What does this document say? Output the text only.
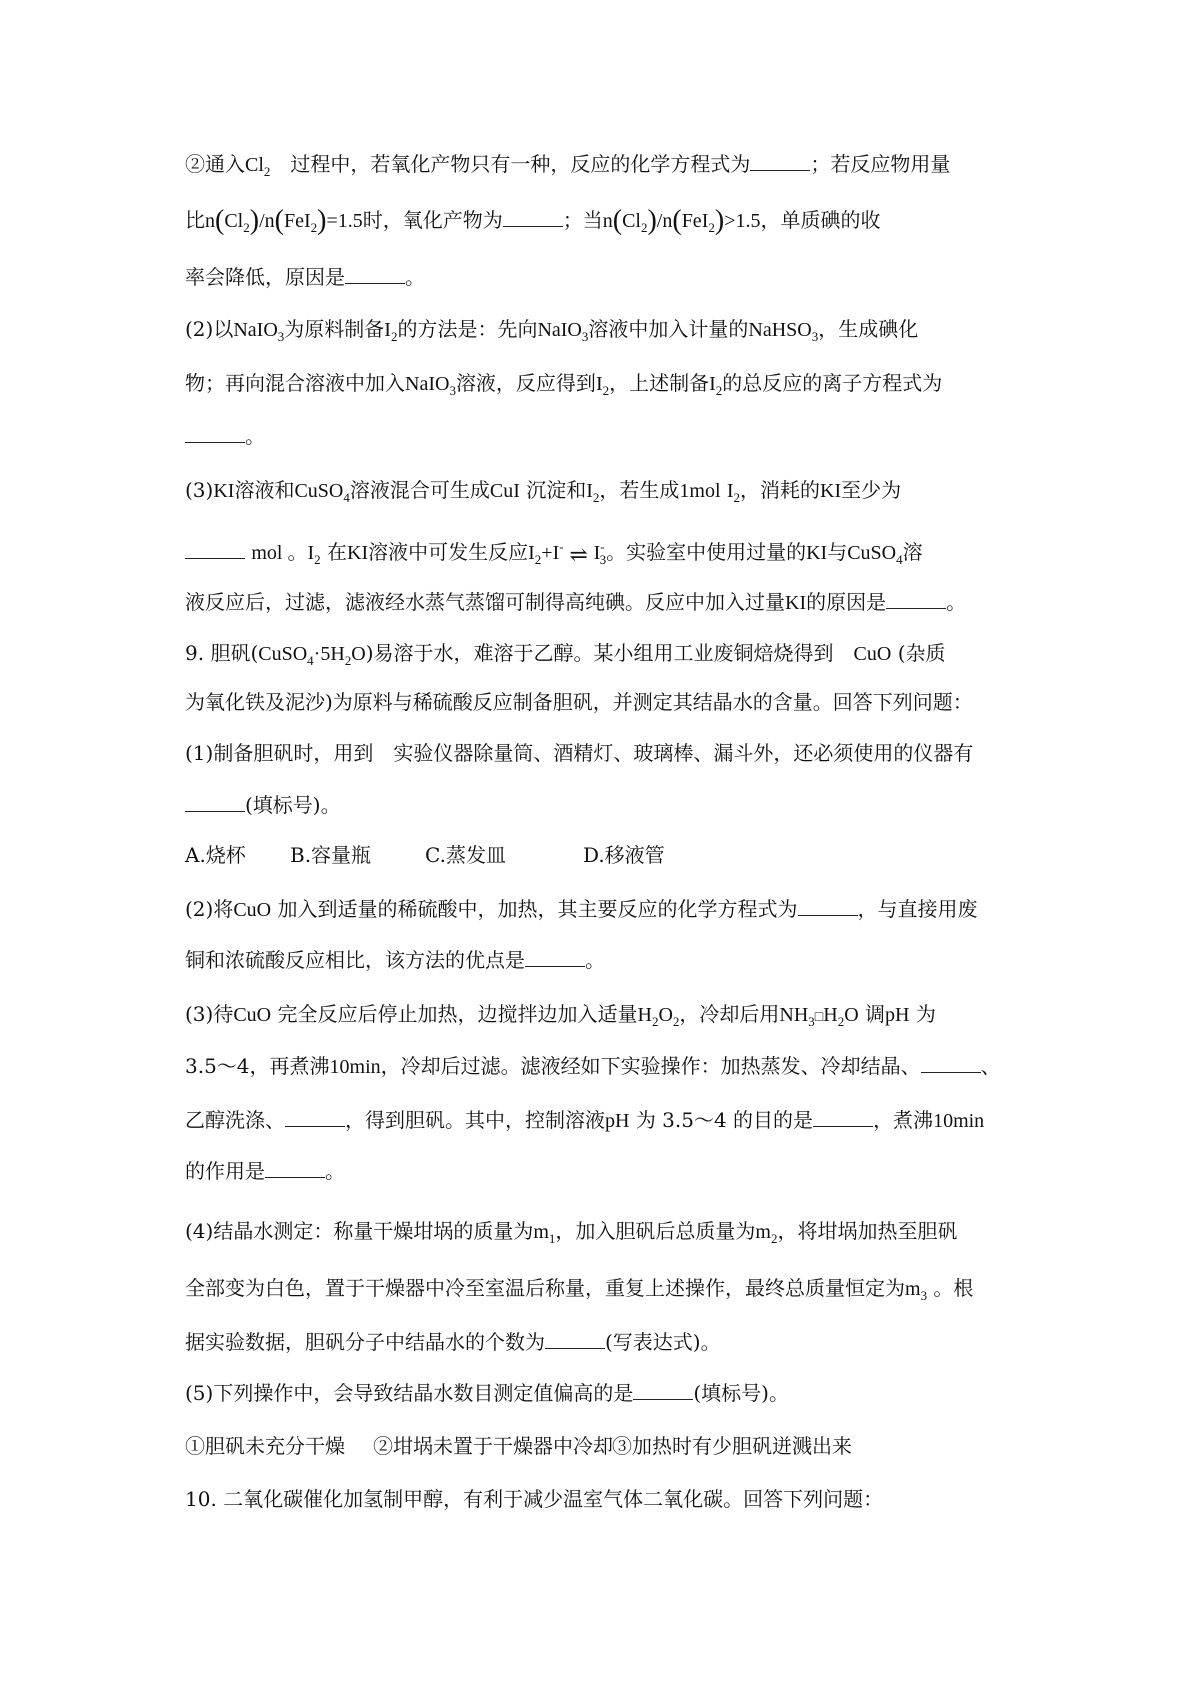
②通入$Cl_2$  过程中，若氧化产物只有一种，反应的化学方程式为	；若反应物用量
比$n(Cl_2)/n(FeI_2)=1.5$时，氧化产物为	；当$n(Cl_2)/n(FeI_2)>1.5$，单质碘的收
率会降低，原因是	。
(2)以NaIO$_3$为原料制备$I_2$的方法是：先向NaIO$_3$溶液中加入计量的NaHSO$_3$，生成碘化
物；再向混合溶液中加入NaIO$_3$溶液，反应得到$I_2$，上述制备$I_2$的总反应的离子方程式为
。
(3)KI溶液和CuSO$_4$溶液混合可生成CuI 沉淀和$I_2$，若生成1mol $I_2$，消耗的KI至少为
mol 。$I_2$ 在KI溶液中可发生反应$I_2+I^-$ ⇌ $I^-_3$。实验室中使用过量的KI与CuSO$_4$溶
液反应后，过滤，滤液经水蒸气蒸馏可制得高纯碘。反应中加入过量KI的原因是	。
9. 胆矾$(CuSO_4\cdot 5H_2O)$易溶于水，难溶于乙醇。某小组用工业废铜焙烧得到  CuO (杂质
为氧化铁及泥沙)为原料与稀硫酸反应制备胆矾，并测定其结晶水的含量。回答下列问题：
(1)制备胆矾时，用到　实验仪器除量筒、酒精灯、玻璃棒、漏斗外，还必须使用的仪器有
(填标号)。
A.烧杯 B.容量瓶	C.蒸发皿	D.移液管
(2)将CuO 加入到适量的稀硫酸中，加热，其主要反应的化学方程式为	，与直接用废
铜和浓硫酸反应相比，该方法的优点是	。
(3)待CuO 完全反应后停止加热，边搅拌边加入适量$H_2O_2$，冷却后用$NH_3□H_2O$ 调pH 为
3.5～4，再煮沸10min，冷却后过滤。滤液经如下实验操作：加热蒸发、冷却结晶、	、
乙醇洗涤、	，得到胆矾。其中，控制溶液pH 为 3.5～4 的目的是	，煮沸10min
的作用是	。
(4)结晶水测定：称量干燥坩埚的质量为$m_1$，加入胆矾后总质量为$m_2$，将坩埚加热至胆矾
全部变为白色，置于干燥器中冷至室温后称量，重复上述操作，最终总质量恒定为$m_3$ 。根
据实验数据，胆矾分子中结晶水的个数为	(写表达式)。
(5)下列操作中，会导致结晶水数目测定值偏高的是	(填标号)。
①胆矾未充分干燥 ②坩埚未置于干燥器中冷却 ③加热时有少胆矾迸溅出来
10. 二氧化碳催化加氢制甲醇，有利于减少温室气体二氧化碳。回答下列问题：
